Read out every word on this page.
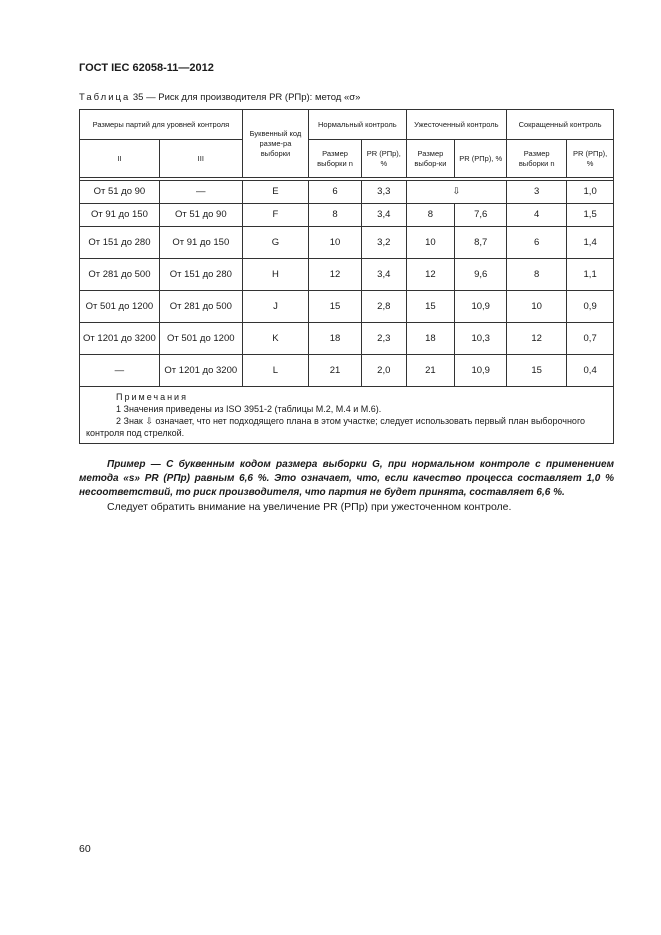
ГОСТ IEC 62058-11—2012
Таблица 35 — Риск для производителя PR (РПр): метод «σ»
Размеры партий для уровней контроля		Буквенный код разме-ра выборки	Нормальный контроль		Ужесточенный контроль		Сокращенный контроль	
II	III		Размер выборки n	PR (РПр), %	Размер выбор-ки	PR (РПр), %	Размер выборки n	PR (РПр), %

От 51 до 90	—	E	6	3,3	⇩		3	1,0
От 91 до 150	От 51 до 90	F	8	3,4	8	7,6	4	1,5
От 151 до 280	От 91 до 150	G	10	3,2	10	8,7	6	1,4
От 281 до 500	От 151 до 280	H	12	3,4	12	9,6	8	1,1
От 501 до 1200	От 281 до 500	J	15	2,8	15	10,9	10	0,9
От 1201 до 3200	От 501 до 1200	K	18	2,3	18	10,3	12	0,7
—	От 1201 до 3200	L	21	2,0	21	10,9	15	0,4

Примечания
1 Значения приведены из ISO 3951-2 (таблицы M.2, M.4 и M.6).
2 Знак ⇩ означает, что нет подходящего плана в этом участке; следует использовать первый план выборочного контроля под стрелкой.								
Пример — С буквенным кодом размера выборки G, при нормальном контроле с применением метода «s» PR (РПр) равным 6,6 %. Это означает, что, если качество процесса составляет 1,0 % несоответствий, то риск производителя, что партия не будет принята, составляет 6,6 %.
Следует обратить внимание на увеличение PR (РПр) при ужесточенном контроле.
60
